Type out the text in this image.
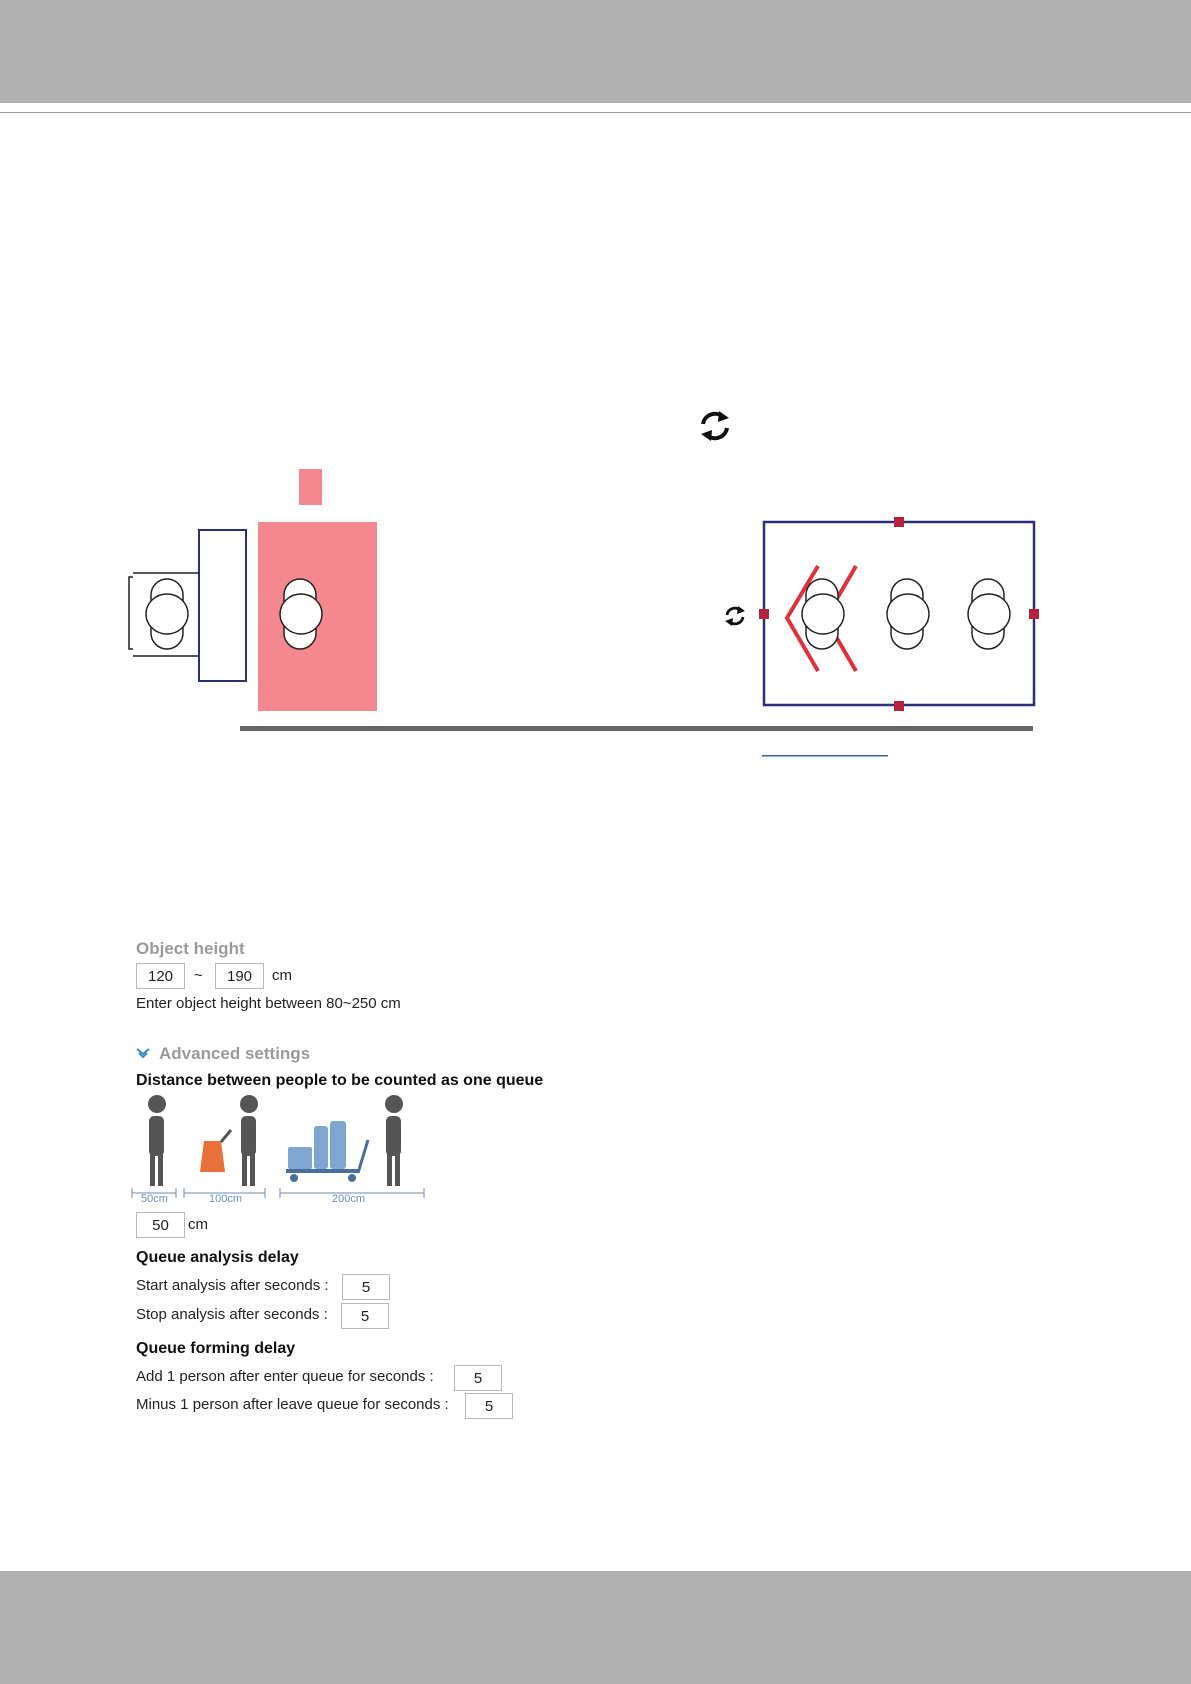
Object height
120
~
190	cm
Enter object height between 80~250 cm
Advanced settings
Distance between people to be counted as one queue
50cm	100cm	200cm
50
cm
Queue analysis delay
Start analysis after seconds :
5
Stop analysis after seconds :
5
Queue forming delay
Add 1 person after enter queue for seconds :
5
Minus 1 person after leave queue for seconds :
5
